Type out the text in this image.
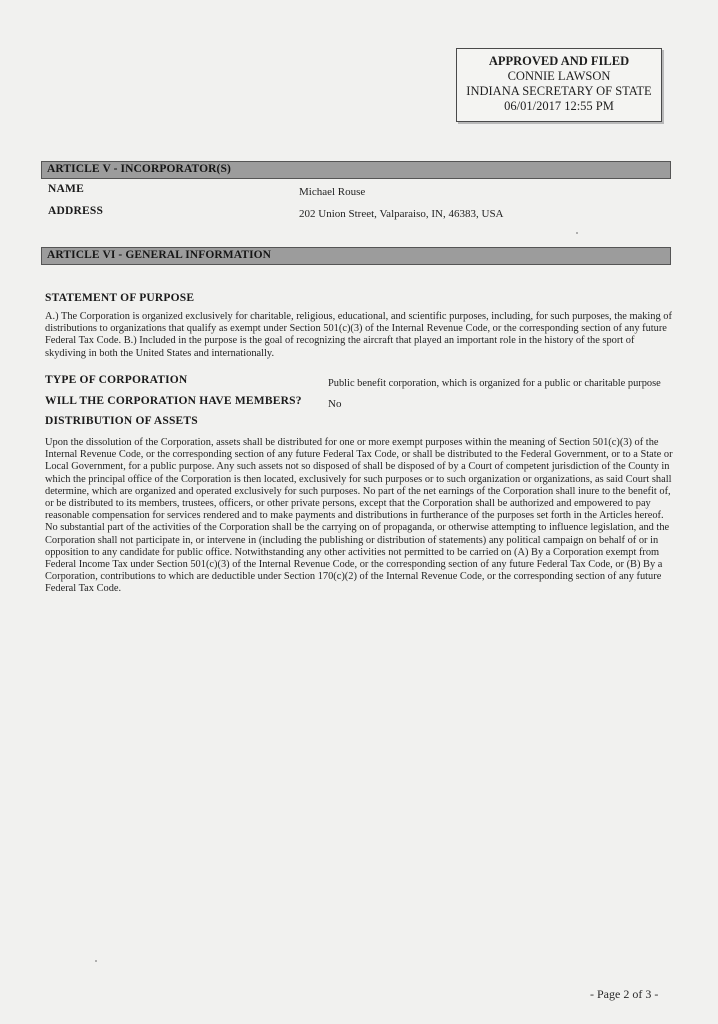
APPROVED AND FILED
CONNIE LAWSON
INDIANA SECRETARY OF STATE
06/01/2017 12:55 PM
ARTICLE V - INCORPORATOR(S)
NAME	Michael Rouse
ADDRESS	202 Union Street, Valparaiso, IN, 46383, USA
ARTICLE VI - GENERAL INFORMATION
STATEMENT OF PURPOSE
A.) The Corporation is organized exclusively for charitable, religious, educational, and scientific purposes, including, for such purposes, the making of distributions to organizations that qualify as exempt under Section 501(c)(3) of the Internal Revenue Code, or the corresponding section of any future Federal Tax Code. B.) Included in the purpose is the goal of recognizing the aircraft that played an important role in the history of the sport of skydiving in both the United States and internationally.
TYPE OF CORPORATION	Public benefit corporation, which is organized for a public or charitable purpose
WILL THE CORPORATION HAVE MEMBERS? No
DISTRIBUTION OF ASSETS
Upon the dissolution of the Corporation, assets shall be distributed for one or more exempt purposes within the meaning of Section 501(c)(3) of the Internal Revenue Code, or the corresponding section of any future Federal Tax Code, or shall be distributed to the Federal Government, or to a State or Local Government, for a public purpose. Any such assets not so disposed of shall be disposed of by a Court of competent jurisdiction of the County in which the principal office of the Corporation is then located, exclusively for such purposes or to such organization or organizations, as said Court shall determine, which are organized and operated exclusively for such purposes. No part of the net earnings of the Corporation shall inure to the benefit of, or be distributed to its members, trustees, officers, or other private persons, except that the Corporation shall be authorized and empowered to pay reasonable compensation for services rendered and to make payments and distributions in furtherance of the purposes set forth in the Articles hereof. No substantial part of the activities of the Corporation shall be the carrying on of propaganda, or otherwise attempting to influence legislation, and the Corporation shall not participate in, or intervene in (including the publishing or distribution of statements) any political campaign on behalf of or in opposition to any candidate for public office. Notwithstanding any other activities not permitted to be carried on (A) By a Corporation exempt from Federal Income Tax under Section 501(c)(3) of the Internal Revenue Code, or the corresponding section of any future Federal Tax Code, or (B) By a Corporation, contributions to which are deductible under Section 170(c)(2) of the Internal Revenue Code, or the corresponding section of any future Federal Tax Code.
- Page 2 of 3 -
